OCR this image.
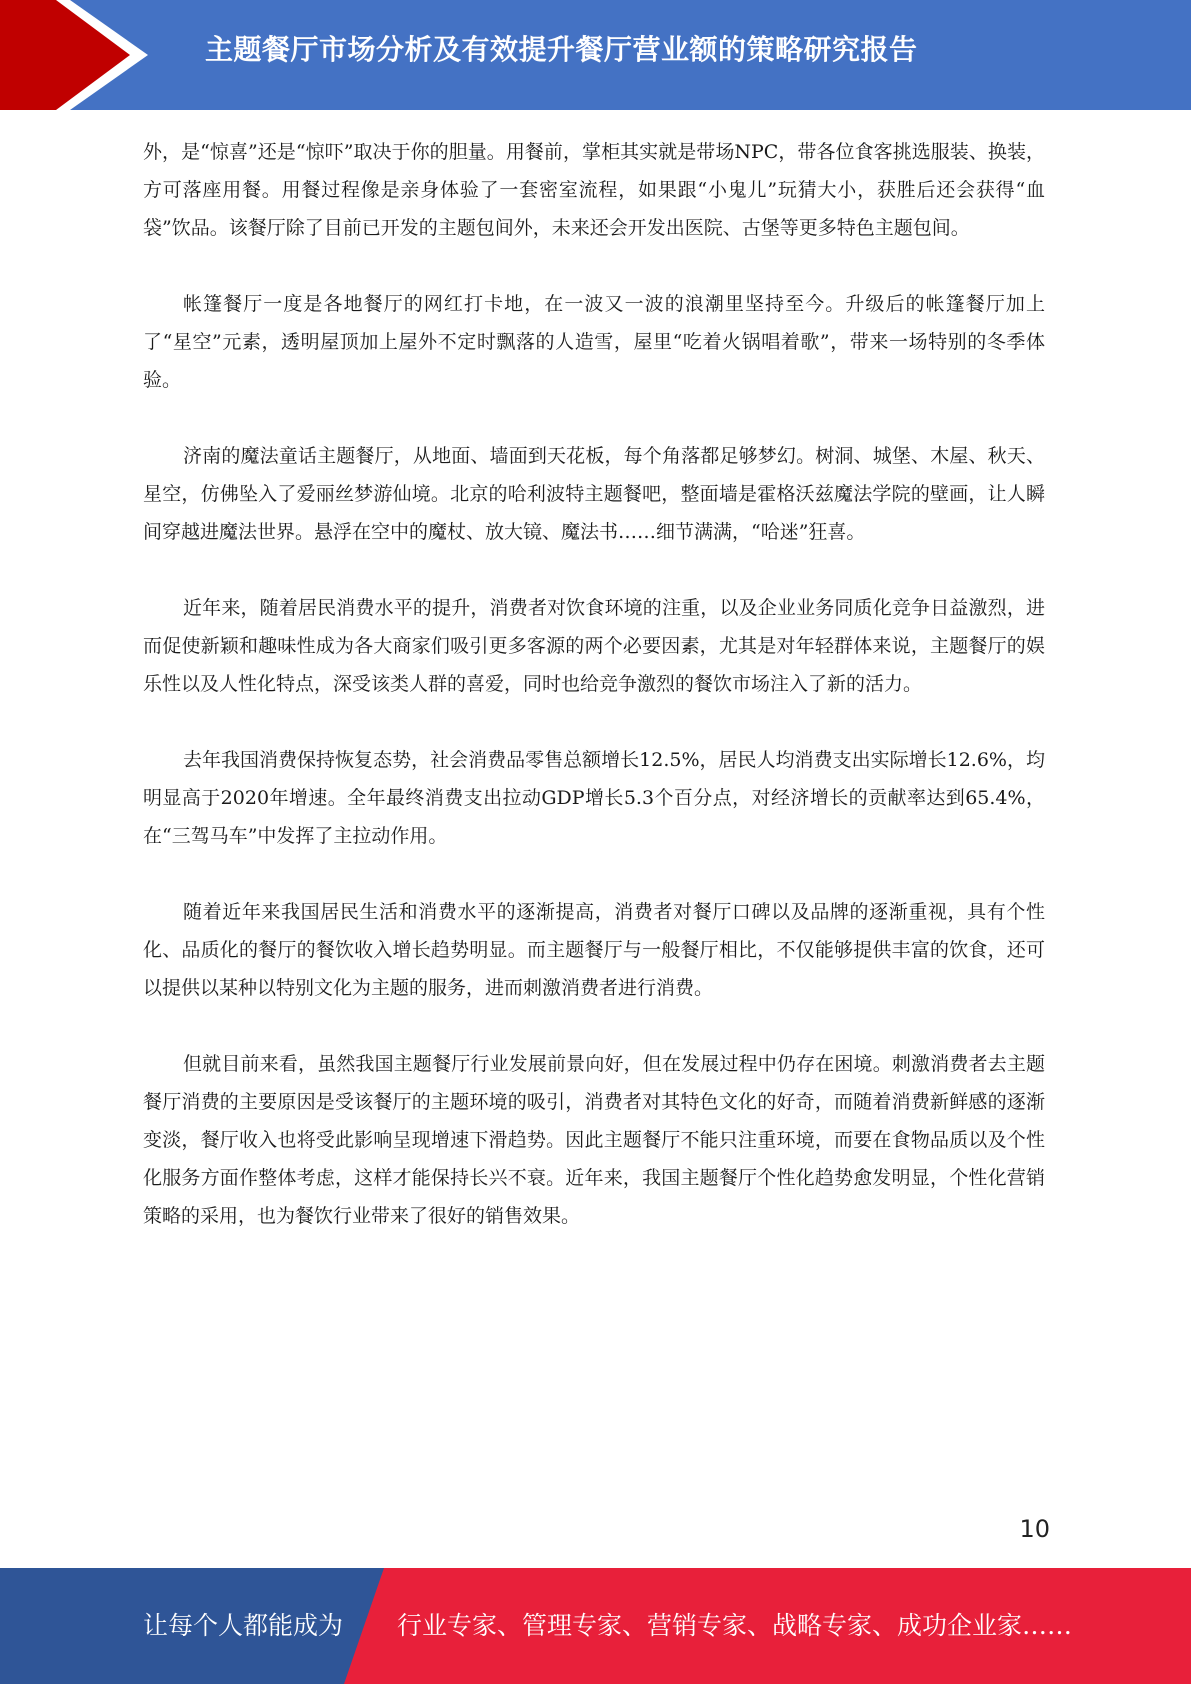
主题餐厅市场分析及有效提升餐厅营业额的策略研究报告

外，是“惊喜”还是“惊吓”取决于你的胆量。用餐前，掌柜其实就是带场NPC，带各位食客挑选服装、换装，方可落座用餐。用餐过程像是亲身体验了一套密室流程，如果跟“小鬼儿”玩猜大小，获胜后还会获得“血袋”饮品。该餐厅除了目前已开发的主题包间外，未来还会开发出医院、古堡等更多特色主题包间。

帐篷餐厅一度是各地餐厅的网红打卡地，在一波又一波的浪潮里坚持至今。升级后的帐篷餐厅加上了“星空”元素，透明屋顶加上屋外不定时飘落的人造雪，屋里“吃着火锅唱着歌”，带来一场特别的冬季体验。

济南的魔法童话主题餐厅，从地面、墙面到天花板，每个角落都足够梦幻。树洞、城堡、木屋、秋天、星空，仿佛坠入了爱丽丝梦游仙境。北京的哈利波特主题餐吧，整面墙是霍格沃兹魔法学院的壁画，让人瞬间穿越进魔法世界。悬浮在空中的魔杖、放大镜、魔法书……细节满满，“哈迷”狂喜。

近年来，随着居民消费水平的提升，消费者对饮食环境的注重，以及企业业务同质化竞争日益激烈，进而促使新颖和趣味性成为各大商家们吸引更多客源的两个必要因素，尤其是对年轻群体来说，主题餐厅的娱乐性以及人性化特点，深受该类人群的喜爱，同时也给竞争激烈的餐饮市场注入了新的活力。

去年我国消费保持恢复态势，社会消费品零售总额增长12.5%，居民人均消费支出实际增长12.6%，均明显高于2020年增速。全年最终消费支出拉动GDP增长5.3个百分点，对经济增长的贡献率达到65.4%，在“三驾马车”中发挥了主拉动作用。

随着近年来我国居民生活和消费水平的逐渐提高，消费者对餐厅口碑以及品牌的逐渐重视，具有个性化、品质化的餐厅的餐饮收入增长趋势明显。而主题餐厅与一般餐厅相比，不仅能够提供丰富的饮食，还可以提供以某种以特别文化为主题的服务，进而刺激消费者进行消费。

但就目前来看，虽然我国主题餐厅行业发展前景向好，但在发展过程中仍存在困境。刺激消费者去主题餐厅消费的主要原因是受该餐厅的主题环境的吸引，消费者对其特色文化的好奇，而随着消费新鲜感的逐渐变淡，餐厅收入也将受此影响呈现增速下滑趋势。因此主题餐厅不能只注重环境，而要在食物品质以及个性化服务方面作整体考虑，这样才能保持长兴不衰。近年来，我国主题餐厅个性化趋势愈发明显，个性化营销策略的采用，也为餐饮行业带来了很好的销售效果。

10
让每个人都能成为 行业专家、管理专家、营销专家、战略专家、成功企业家……
